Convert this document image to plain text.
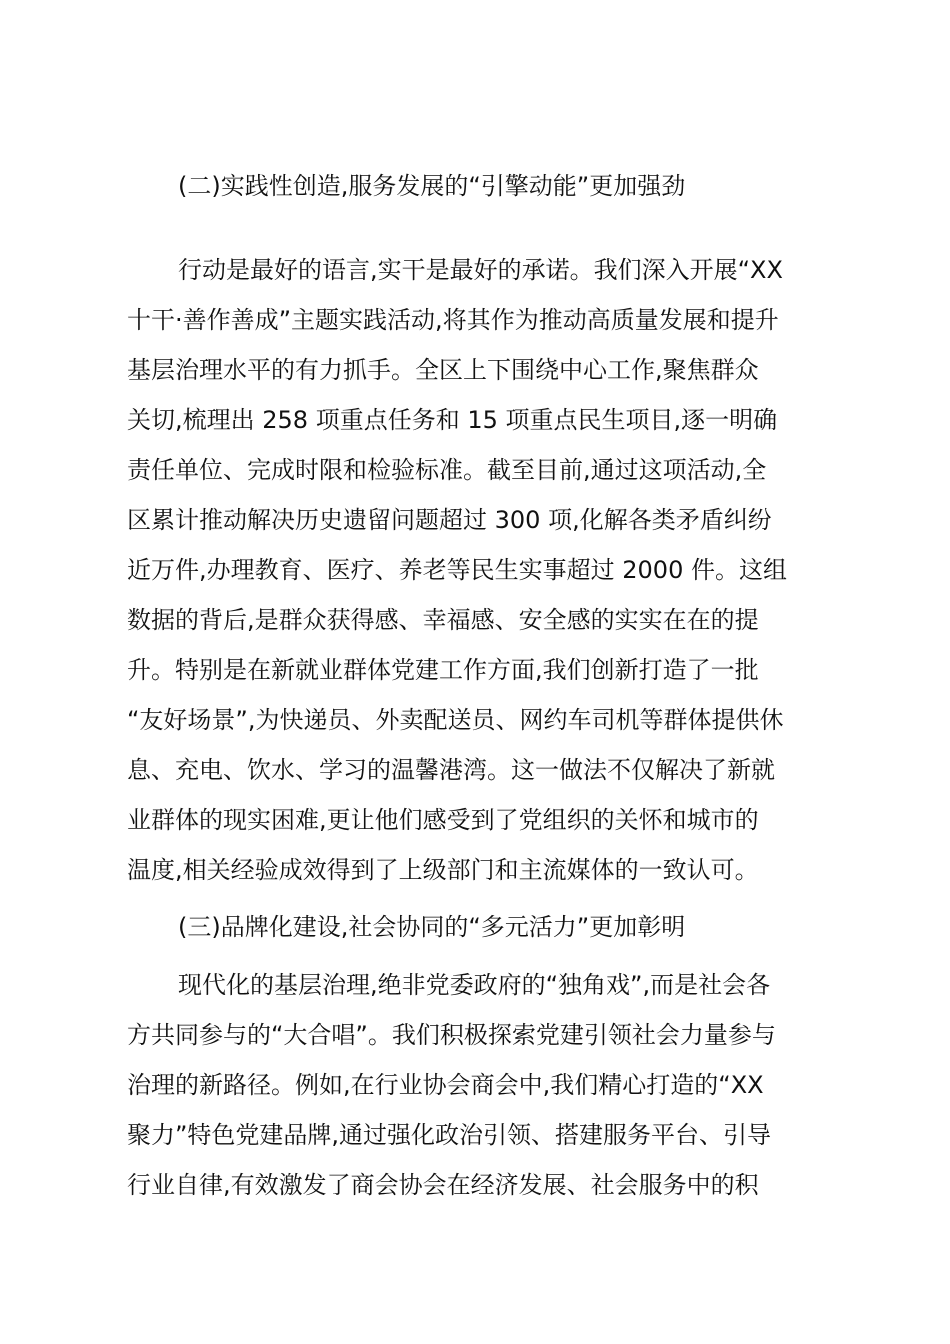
(二)实践性创造,服务发展的“引擎动能”更加强劲
行动是最好的语言,实干是最好的承诺。我们深入开展“XX
十干·善作善成”主题实践活动,将其作为推动高质量发展和提升
基层治理水平的有力抓手。全区上下围绕中心工作,聚焦群众
关切,梳理出 258 项重点任务和 15 项重点民生项目,逐一明确
责任单位、完成时限和检验标准。截至目前,通过这项活动,全
区累计推动解决历史遗留问题超过 300 项,化解各类矛盾纠纷
近万件,办理教育、医疗、养老等民生实事超过 2000 件。这组
数据的背后,是群众获得感、幸福感、安全感的实实在在的提
升。特别是在新就业群体党建工作方面,我们创新打造了一批
“友好场景”,为快递员、外卖配送员、网约车司机等群体提供休
息、充电、饮水、学习的温馨港湾。这一做法不仅解决了新就
业群体的现实困难,更让他们感受到了党组织的关怀和城市的
温度,相关经验成效得到了上级部门和主流媒体的一致认可。
(三)品牌化建设,社会协同的“多元活力”更加彰明
现代化的基层治理,绝非党委政府的“独角戏”,而是社会各
方共同参与的“大合唱”。我们积极探索党建引领社会力量参与
治理的新路径。例如,在行业协会商会中,我们精心打造的“XX
聚力”特色党建品牌,通过强化政治引领、搭建服务平台、引导
行业自律,有效激发了商会协会在经济发展、社会服务中的积
